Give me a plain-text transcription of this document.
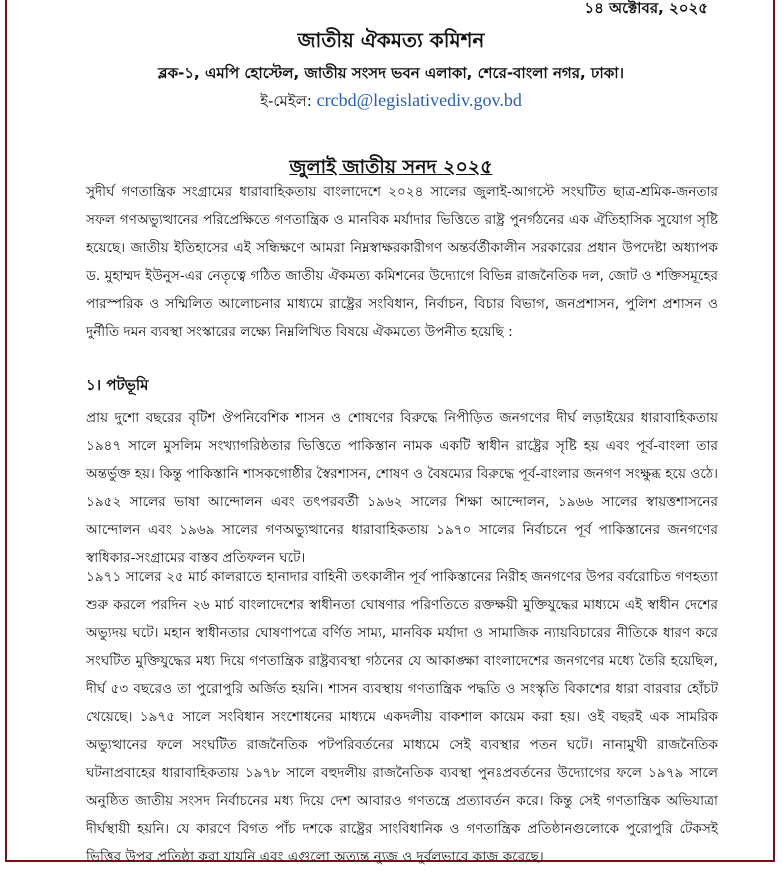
১৪ অক্টোবর, ২০২৫
জাতীয় ঐকমত্য কমিশন
ব্লক-১, এমপি হোস্টেল, জাতীয় সংসদ ভবন এলাকা, শেরে-বাংলা নগর, ঢাকা।
ই-মেইল: crcbd@legislativediv.gov.bd
জুলাই জাতীয় সনদ ২০২৫

সুদীর্ঘ গণতান্ত্রিক সংগ্রামের ধারাবাহিকতায় বাংলাদেশে ২০২৪ সালের জুলাই-আগস্টে সংঘটিত ছাত্র-শ্রমিক-জনতার সফল গণঅভ্যুত্থানের পরিপ্রেক্ষিতে গণতান্ত্রিক ও মানবিক মর্যাদার ভিত্তিতে রাষ্ট্র পুনর্গঠনের এক ঐতিহাসিক সুযোগ সৃষ্টি হয়েছে। জাতীয় ইতিহাসের এই সন্ধিক্ষণে আমরা নিম্নস্বাক্ষরকারীগণ অন্তর্বর্তীকালীন সরকারের প্রধান উপদেষ্টা অধ্যাপক ড. মুহাম্মদ ইউনুস-এর নেতৃত্বে গঠিত জাতীয় ঐকমত্য কমিশনের উদ্যোগে বিভিন্ন রাজনৈতিক দল, জোট ও শক্তিসমূহের পারস্পরিক ও সম্মিলিত আলোচনার মাধ্যমে রাষ্ট্রের সংবিধান, নির্বাচন, বিচার বিভাগ, জনপ্রশাসন, পুলিশ প্রশাসন ও দুর্নীতি দমন ব্যবস্থা সংস্কারের লক্ষ্যে নিম্নলিখিত বিষয়ে ঐকমত্যে উপনীত হয়েছি :

১। পটভূমি

প্রায় দুশো বছরের বৃটিশ ঔপনিবেশিক শাসন ও শোষণের বিরুদ্ধে নিপীড়িত জনগণের দীর্ঘ লড়াইয়ের ধারাবাহিকতায় ১৯৪৭ সালে মুসলিম সংখ্যাগরিষ্ঠতার ভিত্তিতে পাকিস্তান নামক একটি স্বাধীন রাষ্ট্রের সৃষ্টি হয় এবং পূর্ব-বাংলা তার অন্তর্ভুক্ত হয়। কিন্তু পাকিস্তানি শাসকগোষ্ঠীর স্বৈরশাসন, শোষণ ও বৈষম্যের বিরুদ্ধে পূর্ব-বাংলার জনগণ সংক্ষুব্ধ হয়ে ওঠে। ১৯৫২ সালের ভাষা আন্দোলন এবং তৎপরবর্তী ১৯৬২ সালের শিক্ষা আন্দোলন, ১৯৬৬ সালের স্বায়ত্তশাসনের আন্দোলন এবং ১৯৬৯ সালের গণঅভ্যুত্থানের ধারাবাহিকতায় ১৯৭০ সালের নির্বাচনে পূর্ব পাকিস্তানের জনগণের স্বাধিকার-সংগ্রামের বাস্তব প্রতিফলন ঘটে।

১৯৭১ সালের ২৫ মার্চ কালরাতে হানাদার বাহিনী তৎকালীন পূর্ব পাকিস্তানের নিরীহ জনগণের উপর বর্বরোচিত গণহত্যা শুরু করলে পরদিন ২৬ মার্চ বাংলাদেশের স্বাধীনতা ঘোষণার পরিণতিতে রক্তক্ষয়ী মুক্তিযুদ্ধের মাধ্যমে এই স্বাধীন দেশের অভ্যুদয় ঘটে। মহান স্বাধীনতার ঘোষণাপত্রে বর্ণিত সাম্য, মানবিক মর্যাদা ও সামাজিক ন্যায়বিচারের নীতিকে ধারণ করে সংঘটিত মুক্তিযুদ্ধের মধ্য দিয়ে গণতান্ত্রিক রাষ্ট্রব্যবস্থা গঠনের যে আকাঙ্ক্ষা বাংলাদেশের জনগণের মধ্যে তৈরি হয়েছিল, দীর্ঘ ৫৩ বছরেও তা পুরোপুরি অর্জিত হয়নি। শাসন ব্যবস্থায় গণতান্ত্রিক পদ্ধতি ও সংস্কৃতি বিকাশের ধারা বারবার হোঁচট খেয়েছে। ১৯৭৫ সালে সংবিধান সংশোধনের মাধ্যমে একদলীয় বাকশাল কায়েম করা হয়। ওই বছরই এক সামরিক অভ্যুত্থানের ফলে সংঘটিত রাজনৈতিক পটপরিবর্তনের মাধ্যমে সেই ব্যবস্থার পতন ঘটে। নানামুখী রাজনৈতিক ঘটনাপ্রবাহের ধারাবাহিকতায় ১৯৭৮ সালে বহুদলীয় রাজনৈতিক ব্যবস্থা পুনঃপ্রবর্তনের উদ্যোগের ফলে ১৯৭৯ সালে অনুষ্ঠিত জাতীয় সংসদ নির্বাচনের মধ্য দিয়ে দেশ আবারও গণতন্ত্রে প্রত্যাবর্তন করে। কিন্তু সেই গণতান্ত্রিক অভিযাত্রা দীর্ঘস্থায়ী হয়নি। যে কারণে বিগত পাঁচ দশকে রাষ্ট্রের সাংবিধানিক ও গণতান্ত্রিক প্রতিষ্ঠানগুলোকে পুরোপুরি টেকসই ভিত্তির উপর প্রতিষ্ঠা করা যায়নি এবং এগুলো অত্যন্ত ন্যুজ ও দুর্বলভাবে কাজ করেছে।
